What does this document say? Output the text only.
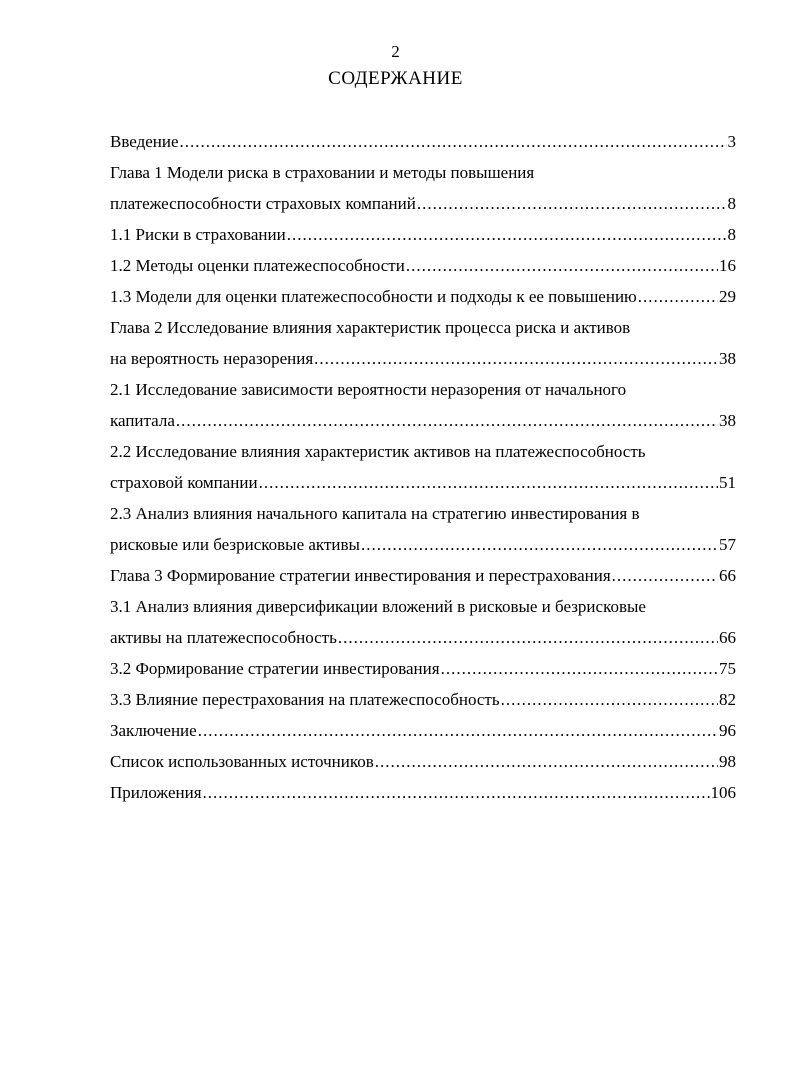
2
СОДЕРЖАНИЕ
Введение .....	3
Глава 1 Модели риска в страховании и методы повышения
платежеспособности страховых компаний .....	8
1.1 Риски в страховании .....	8
1.2 Методы оценки платежеспособности .....	16
1.3 Модели для оценки платежеспособности и подходы к ее повышению .....	29
Глава 2 Исследование влияния характеристик процесса риска и активов
на вероятность неразорения .....	38
2.1 Исследование зависимости вероятности неразорения от начального
капитала .....	38
2.2 Исследование влияния характеристик активов на платежеспособность
страховой компании .....	51
2.3 Анализ влияния начального капитала на стратегию инвестирования в
рисковые или безрисковые активы .....	57
Глава 3 Формирование стратегии инвестирования и перестрахования .....	66
3.1 Анализ влияния диверсификации вложений в рисковые и безрисковые
активы на платежеспособность .....	66
3.2 Формирование стратегии инвестирования .....	75
3.3 Влияние перестрахования на платежеспособность .....	82
Заключение .....	96
Список использованных источников .....	98
Приложения .....	106
